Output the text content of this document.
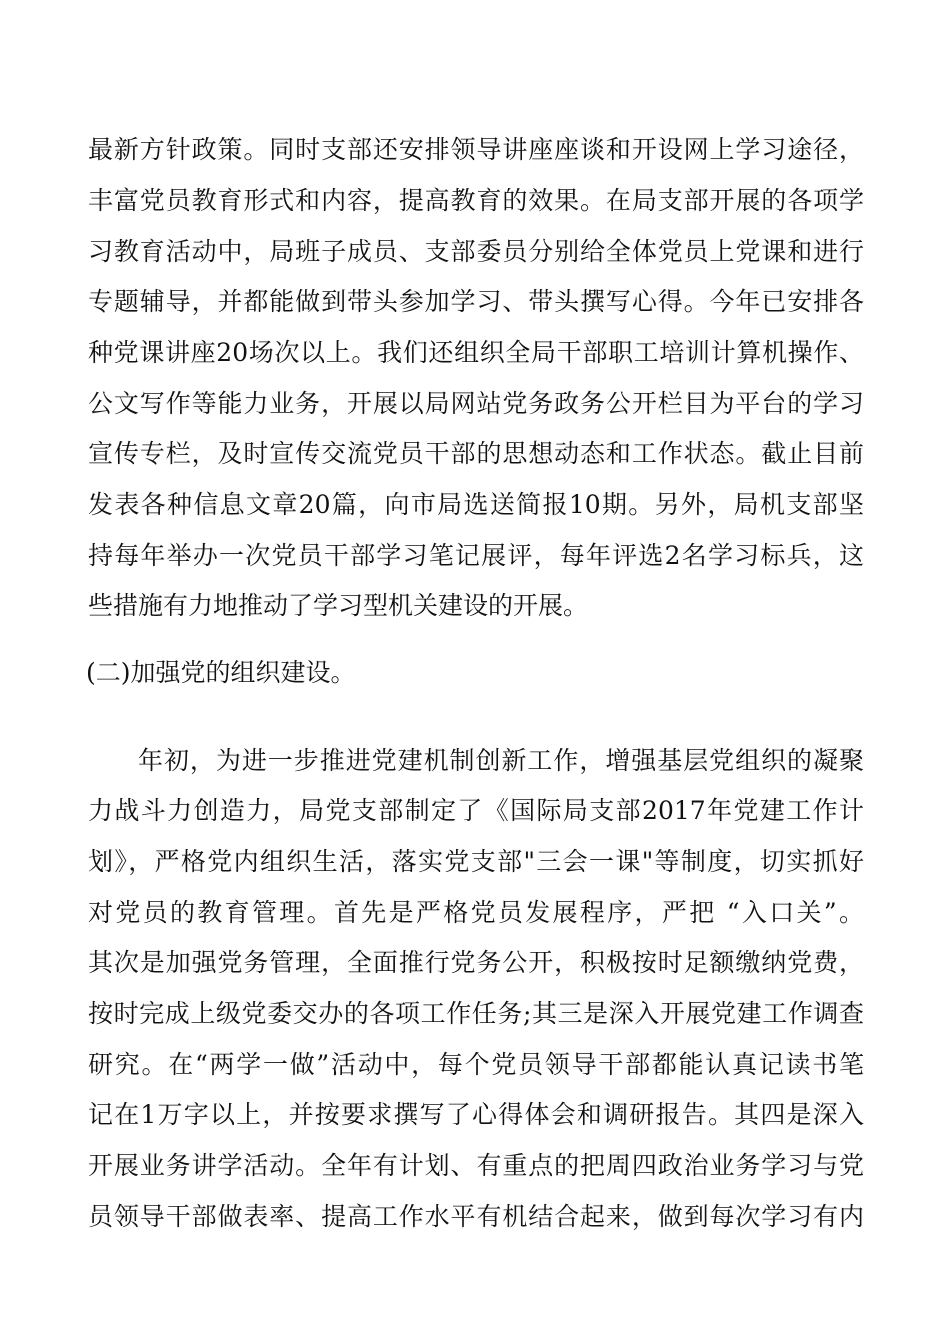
最新方针政策。同时支部还安排领导讲座座谈和开设网上学习途径，
丰富党员教育形式和内容，提高教育的效果。在局支部开展的各项学
习教育活动中，局班子成员、支部委员分别给全体党员上党课和进行
专题辅导，并都能做到带头参加学习、带头撰写心得。今年已安排各
种党课讲座20场次以上。我们还组织全局干部职工培训计算机操作、
公文写作等能力业务，开展以局网站党务政务公开栏目为平台的学习
宣传专栏，及时宣传交流党员干部的思想动态和工作状态。截止目前
发表各种信息文章20篇，向市局选送简报10期。另外，局机支部坚
持每年举办一次党员干部学习笔记展评，每年评选2名学习标兵，这
些措施有力地推动了学习型机关建设的开展。
(二)加强党的组织建设。
年初，为进一步推进党建机制创新工作，增强基层党组织的凝聚
力战斗力创造力，局党支部制定了《国际局支部2017年党建工作计
划》，严格党内组织生活，落实党支部"三会一课"等制度，切实抓好
对党员的教育管理。首先是严格党员发展程序，严把 “入口关”。
其次是加强党务管理，全面推行党务公开，积极按时足额缴纳党费，
按时完成上级党委交办的各项工作任务;其三是深入开展党建工作调查
研究。在“两学一做”活动中，每个党员领导干部都能认真记读书笔
记在1万字以上，并按要求撰写了心得体会和调研报告。其四是深入
开展业务讲学活动。全年有计划、有重点的把周四政治业务学习与党
员领导干部做表率、提高工作水平有机结合起来，做到每次学习有内
